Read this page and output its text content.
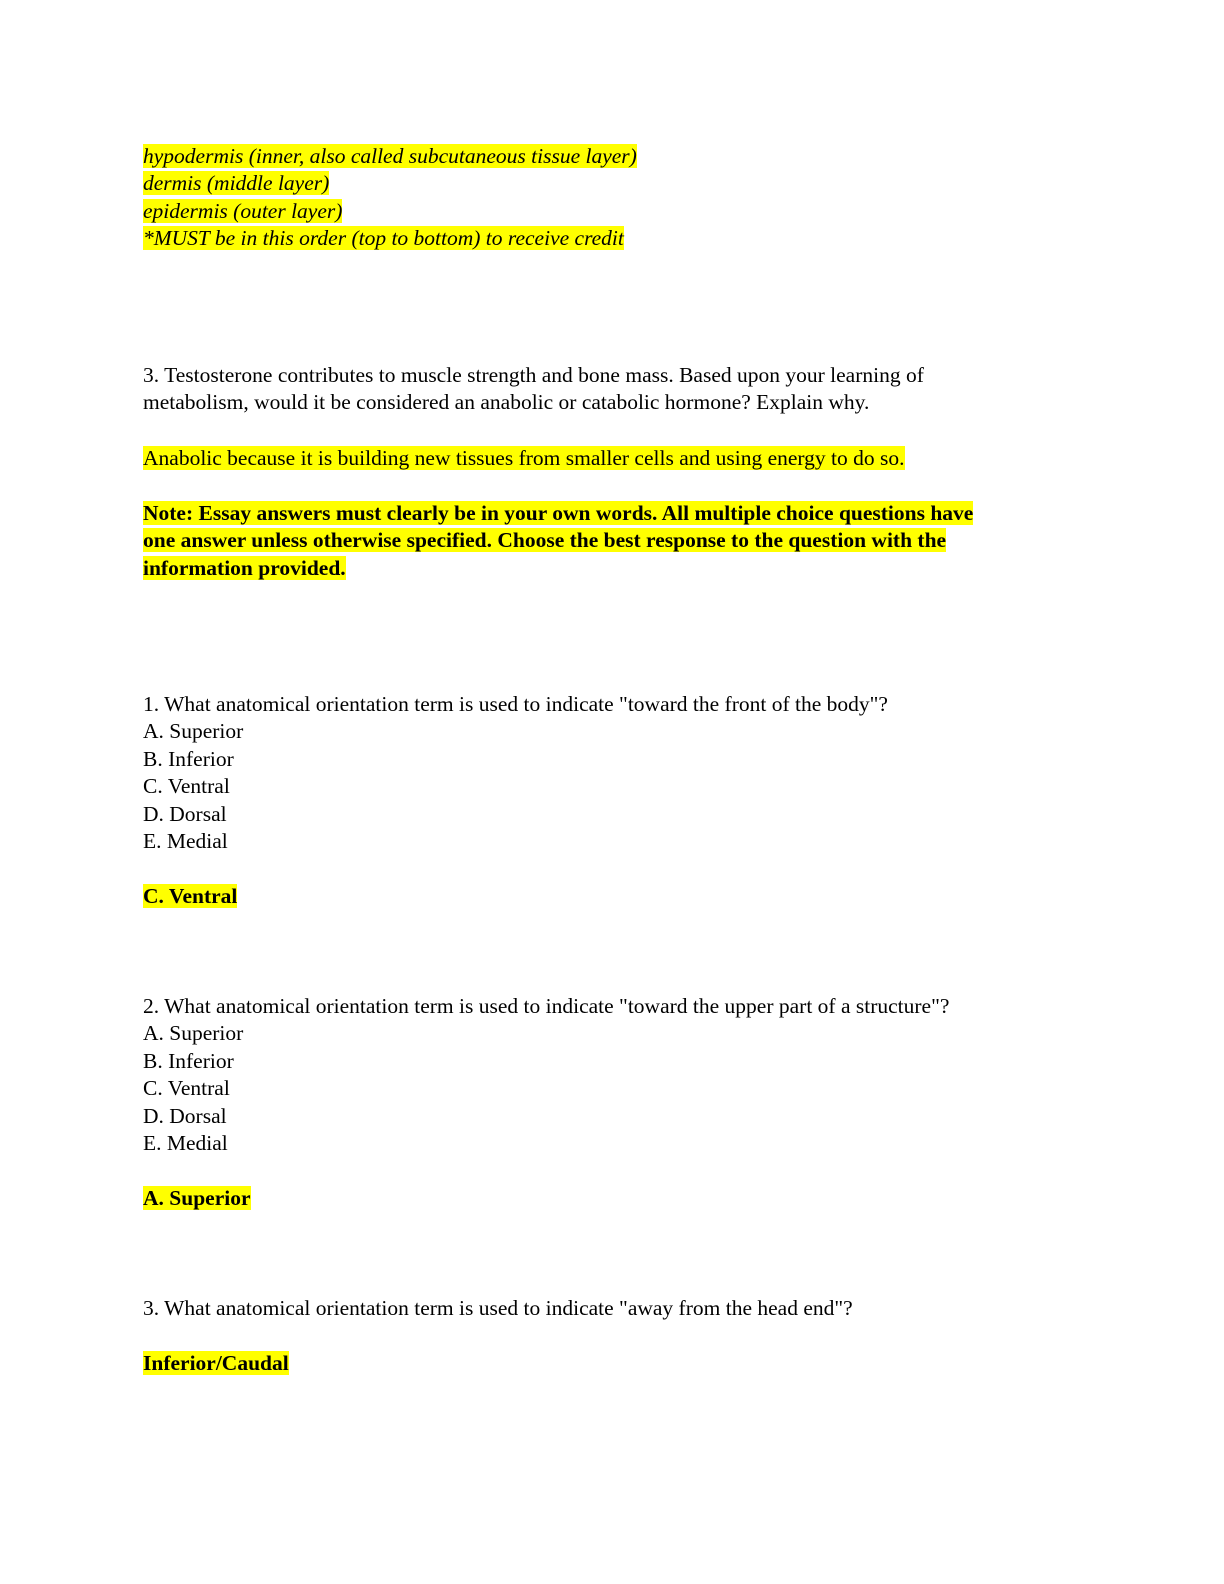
hypodermis (inner, also called subcutaneous tissue layer)
dermis (middle layer)
epidermis (outer layer)
*MUST be in this order (top to bottom) to receive credit
3. Testosterone contributes to muscle strength and bone mass. Based upon your learning of
metabolism, would it be considered an anabolic or catabolic hormone? Explain why.
Anabolic because it is building new tissues from smaller cells and using energy to do so.
Note: Essay answers must clearly be in your own words. All multiple choice questions have
one answer unless otherwise specified. Choose the best response to the question with the
information provided.
1. What anatomical orientation term is used to indicate "toward the front of the body"?
A. Superior
B. Inferior
C. Ventral
D. Dorsal
E. Medial
C. Ventral
2. What anatomical orientation term is used to indicate "toward the upper part of a structure"?
A. Superior
B. Inferior
C. Ventral
D. Dorsal
E. Medial
A. Superior
3. What anatomical orientation term is used to indicate "away from the head end"?
Inferior/Caudal
